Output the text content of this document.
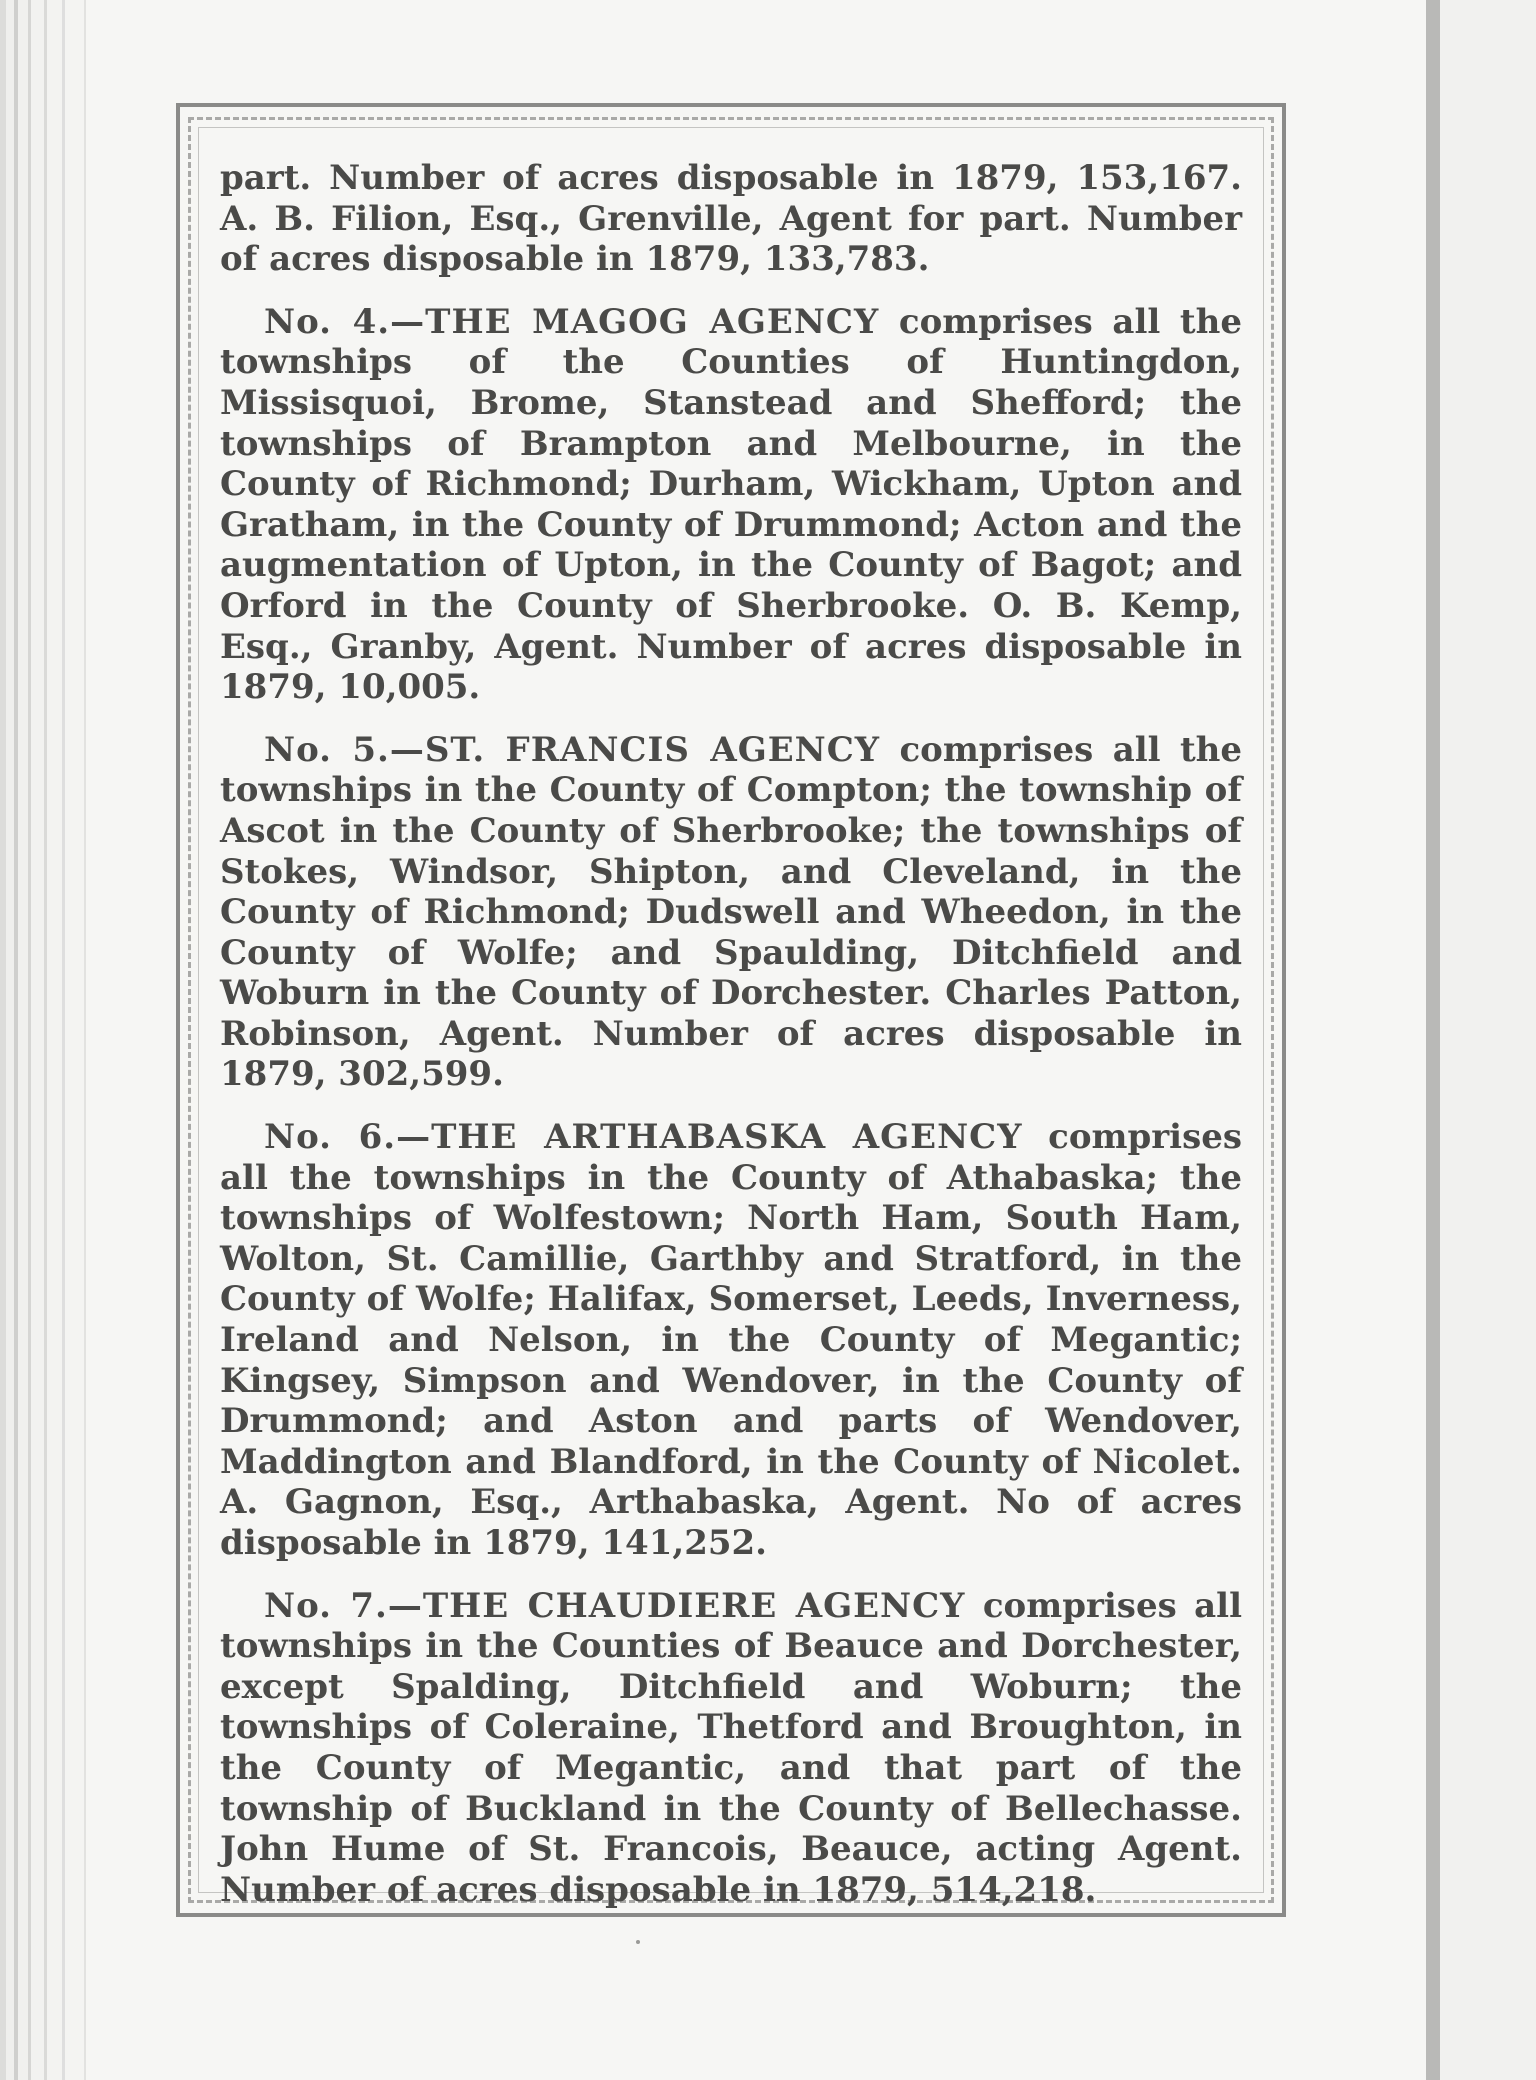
part. Number of acres disposable in 1879, 153,167. A. B. Filion, Esq., Grenville, Agent for part. Number of acres disposable in 1879, 133,783.

No. 4.—THE MAGOG AGENCY comprises all the townships of the Counties of Huntingdon, Missisquoi, Brome, Stanstead and Shefford; the townships of Brampton and Melbourne, in the County of Richmond; Durham, Wickham, Upton and Gratham, in the County of Drummond; Acton and the augmentation of Upton, in the County of Bagot; and Orford in the County of Sherbrooke. O. B. Kemp, Esq., Granby, Agent. Number of acres disposable in 1879, 10,005.

No. 5.—ST. FRANCIS AGENCY comprises all the townships in the County of Compton; the township of Ascot in the County of Sherbrooke; the townships of Stokes, Windsor, Shipton, and Cleveland, in the County of Richmond; Dudswell and Wheedon, in the County of Wolfe; and Spaulding, Ditchfield and Woburn in the County of Dorchester. Charles Patton, Robinson, Agent. Number of acres disposable in 1879, 302,599.

No. 6.—THE ARTHABASKA AGENCY comprises all the townships in the County of Athabaska; the townships of Wolfestown; North Ham, South Ham, Wolton, St. Camillie, Garthby and Stratford, in the County of Wolfe; Halifax, Somerset, Leeds, Inverness, Ireland and Nelson, in the County of Megantic; Kingsey, Simpson and Wendover, in the County of Drummond; and Aston and parts of Wendover, Maddington and Blandford, in the County of Nicolet. A. Gagnon, Esq., Arthabaska, Agent. No of acres disposable in 1879, 141,252.

No. 7.—THE CHAUDIERE AGENCY comprises all townships in the Counties of Beauce and Dorchester, except Spalding, Ditchfield and Woburn; the townships of Coleraine, Thetford and Broughton, in the County of Megantic, and that part of the township of Buckland in the County of Bellechasse. John Hume of St. Francois, Beauce, acting Agent. Number of acres disposable in 1879, 514,218.
